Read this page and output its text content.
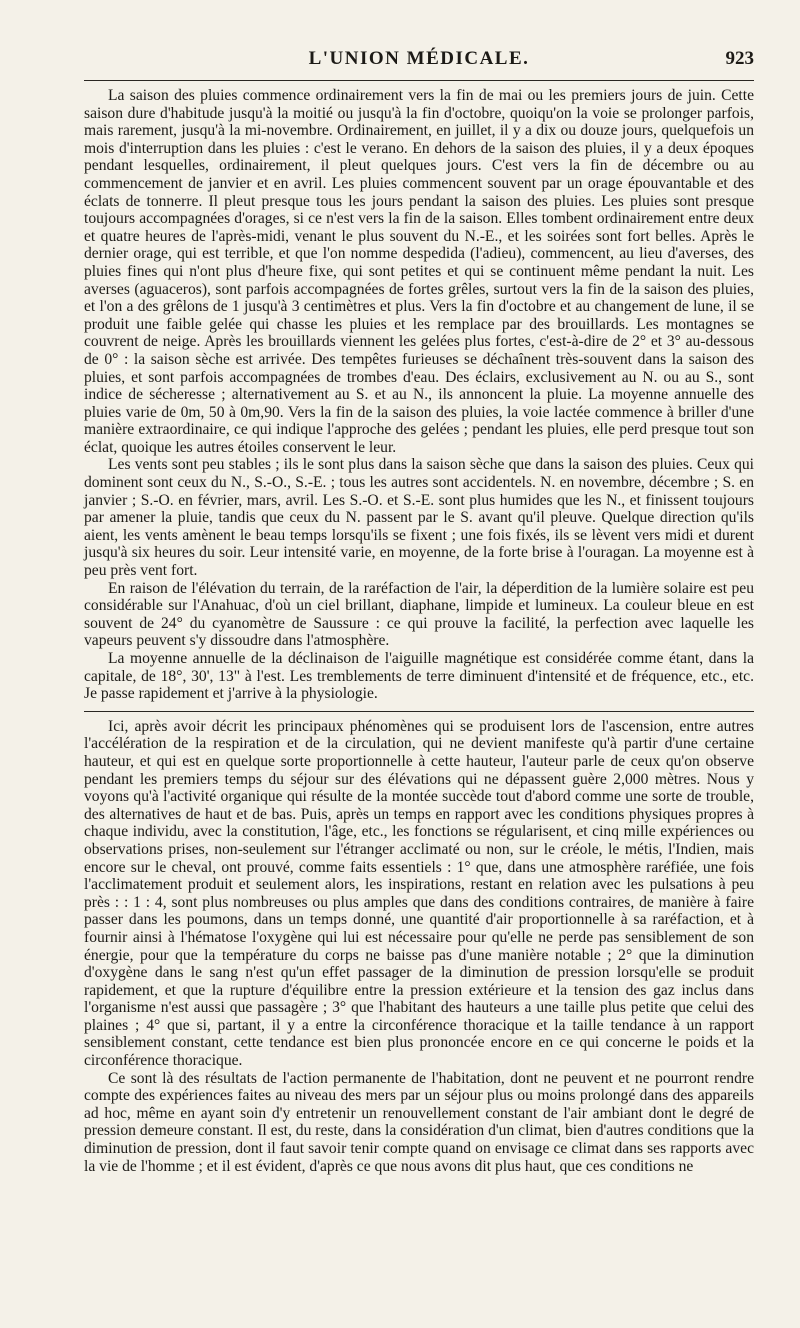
L'UNION MÉDICALE.	923

La saison des pluies commence ordinairement vers la fin de mai ou les premiers jours de juin. Cette saison dure d'habitude jusqu'à la moitié ou jusqu'à la fin d'octobre, quoiqu'on la voie se prolonger parfois, mais rarement, jusqu'à la mi-novembre. Ordinairement, en juillet, il y a dix ou douze jours, quelquefois un mois d'interruption dans les pluies : c'est le verano. En dehors de la saison des pluies, il y a deux époques pendant lesquelles, ordinairement, il pleut quelques jours. C'est vers la fin de décembre ou au commencement de janvier et en avril. Les pluies commencent souvent par un orage épouvantable et des éclats de tonnerre. Il pleut presque tous les jours pendant la saison des pluies. Les pluies sont presque toujours accompagnées d'orages, si ce n'est vers la fin de la saison. Elles tombent ordinairement entre deux et quatre heures de l'après-midi, venant le plus souvent du N.-E., et les soirées sont fort belles. Après le dernier orage, qui est terrible, et que l'on nomme despedida (l'adieu), commencent, au lieu d'averses, des pluies fines qui n'ont plus d'heure fixe, qui sont petites et qui se continuent même pendant la nuit. Les averses (aguaceros), sont parfois accompagnées de fortes grêles, surtout vers la fin de la saison des pluies, et l'on a des grêlons de 1 jusqu'à 3 centimètres et plus. Vers la fin d'octobre et au changement de lune, il se produit une faible gelée qui chasse les pluies et les remplace par des brouillards. Les montagnes se couvrent de neige. Après les brouillards viennent les gelées plus fortes, c'est-à-dire de 2° et 3° au-dessous de 0° : la saison sèche est arrivée. Des tempêtes furieuses se déchaînent très-souvent dans la saison des pluies, et sont parfois accompagnées de trombes d'eau. Des éclairs, exclusivement au N. ou au S., sont indice de sécheresse ; alternativement au S. et au N., ils annoncent la pluie. La moyenne annuelle des pluies varie de 0m, 50 à 0m,90. Vers la fin de la saison des pluies, la voie lactée commence à briller d'une manière extraordinaire, ce qui indique l'approche des gelées ; pendant les pluies, elle perd presque tout son éclat, quoique les autres étoiles conservent le leur.

Les vents sont peu stables ; ils le sont plus dans la saison sèche que dans la saison des pluies. Ceux qui dominent sont ceux du N., S.-O., S.-E. ; tous les autres sont accidentels. N. en novembre, décembre ; S. en janvier ; S.-O. en février, mars, avril. Les S.-O. et S.-E. sont plus humides que les N., et finissent toujours par amener la pluie, tandis que ceux du N. passent par le S. avant qu'il pleuve. Quelque direction qu'ils aient, les vents amènent le beau temps lorsqu'ils se fixent ; une fois fixés, ils se lèvent vers midi et durent jusqu'à six heures du soir. Leur intensité varie, en moyenne, de la forte brise à l'ouragan. La moyenne est à peu près vent fort.

En raison de l'élévation du terrain, de la raréfaction de l'air, la déperdition de la lumière solaire est peu considérable sur l'Anahuac, d'où un ciel brillant, diaphane, limpide et lumineux. La couleur bleue en est souvent de 24° du cyanomètre de Saussure : ce qui prouve la facilité, la perfection avec laquelle les vapeurs peuvent s'y dissoudre dans l'atmosphère.

La moyenne annuelle de la déclinaison de l'aiguille magnétique est considérée comme étant, dans la capitale, de 18°, 30', 13" à l'est. Les tremblements de terre diminuent d'intensité et de fréquence, etc., etc. Je passe rapidement et j'arrive à la physiologie.

Ici, après avoir décrit les principaux phénomènes qui se produisent lors de l'ascension, entre autres l'accélération de la respiration et de la circulation, qui ne devient manifeste qu'à partir d'une certaine hauteur, et qui est en quelque sorte proportionnelle à cette hauteur, l'auteur parle de ceux qu'on observe pendant les premiers temps du séjour sur des élévations qui ne dépassent guère 2,000 mètres. Nous y voyons qu'à l'activité organique qui résulte de la montée succède tout d'abord comme une sorte de trouble, des alternatives de haut et de bas. Puis, après un temps en rapport avec les conditions physiques propres à chaque individu, avec la constitution, l'âge, etc., les fonctions se régularisent, et cinq mille expériences ou observations prises, non-seulement sur l'étranger acclimaté ou non, sur le créole, le métis, l'Indien, mais encore sur le cheval, ont prouvé, comme faits essentiels : 1° que, dans une atmosphère raréfiée, une fois l'acclimatement produit et seulement alors, les inspirations, restant en relation avec les pulsations à peu près : : 1 : 4, sont plus nombreuses ou plus amples que dans des conditions contraires, de manière à faire passer dans les poumons, dans un temps donné, une quantité d'air proportionnelle à sa raréfaction, et à fournir ainsi à l'hématose l'oxygène qui lui est nécessaire pour qu'elle ne perde pas sensiblement de son énergie, pour que la température du corps ne baisse pas d'une manière notable ; 2° que la diminution d'oxygène dans le sang n'est qu'un effet passager de la diminution de pression lorsqu'elle se produit rapidement, et que la rupture d'équilibre entre la pression extérieure et la tension des gaz inclus dans l'organisme n'est aussi que passagère ; 3° que l'habitant des hauteurs a une taille plus petite que celui des plaines ; 4° que si, partant, il y a entre la circonférence thoracique et la taille tendance à un rapport sensiblement constant, cette tendance est bien plus prononcée encore en ce qui concerne le poids et la circonférence thoracique.

Ce sont là des résultats de l'action permanente de l'habitation, dont ne peuvent et ne pourront rendre compte des expériences faites au niveau des mers par un séjour plus ou moins prolongé dans des appareils ad hoc, même en ayant soin d'y entretenir un renouvellement constant de l'air ambiant dont le degré de pression demeure constant. Il est, du reste, dans la considération d'un climat, bien d'autres conditions que la diminution de pression, dont il faut savoir tenir compte quand on envisage ce climat dans ses rapports avec la vie de l'homme ; et il est évident, d'après ce que nous avons dit plus haut, que ces conditions ne
